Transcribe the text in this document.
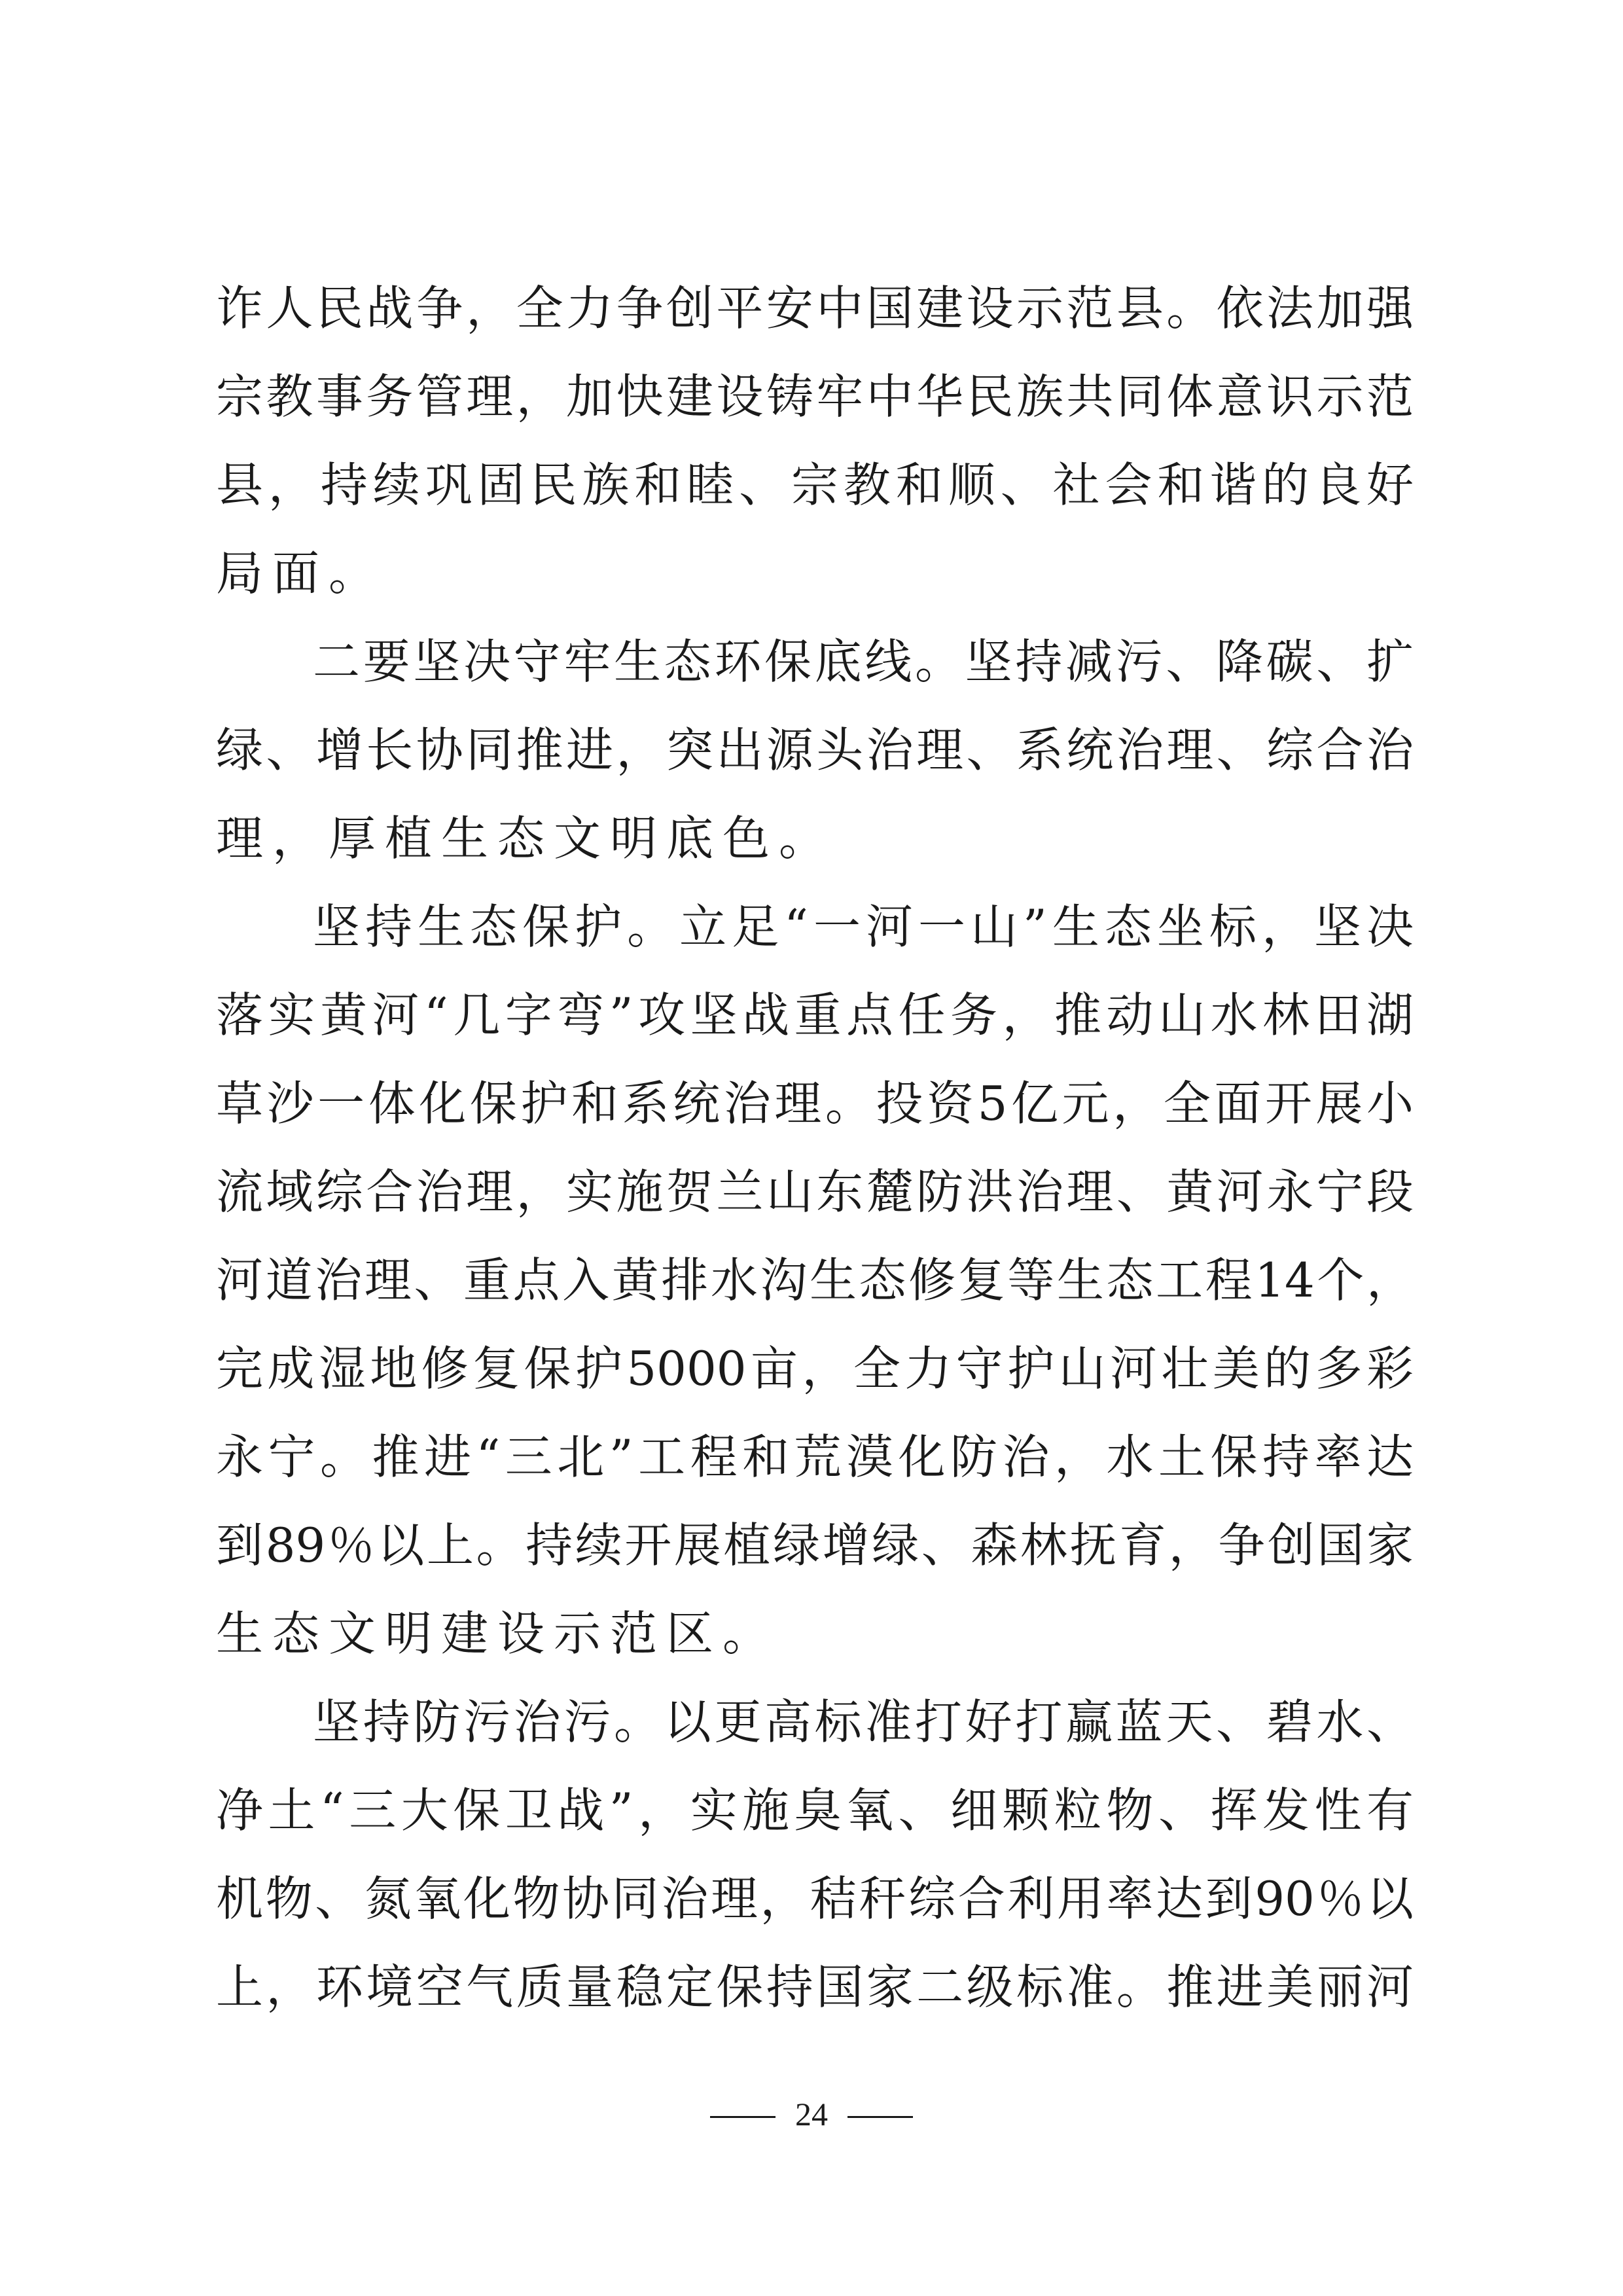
诈人民战争，全力争创平安中国建设示范县。依法加强
宗教事务管理，加快建设铸牢中华民族共同体意识示范
县，持续巩固民族和睦、宗教和顺、社会和谐的良好
局面。
二要坚决守牢生态环保底线。坚持减污、降碳、扩
绿、增长协同推进，突出源头治理、系统治理、综合治
理，厚植生态文明底色。
坚持生态保护。立足“一河一山”生态坐标，坚决
落实黄河“几字弯”攻坚战重点任务，推动山水林田湖
草沙一体化保护和系统治理。投资5亿元，全面开展小
流域综合治理，实施贺兰山东麓防洪治理、黄河永宁段
河道治理、重点入黄排水沟生态修复等生态工程14个，
完成湿地修复保护5000亩，全力守护山河壮美的多彩
永宁。推进“三北”工程和荒漠化防治，水土保持率达
到89％以上。持续开展植绿增绿、森林抚育，争创国家
生态文明建设示范区。
坚持防污治污。以更高标准打好打赢蓝天、碧水、
净土“三大保卫战”，实施臭氧、细颗粒物、挥发性有
机物、氮氧化物协同治理，秸秆综合利用率达到90％以
上，环境空气质量稳定保持国家二级标准。推进美丽河
24
